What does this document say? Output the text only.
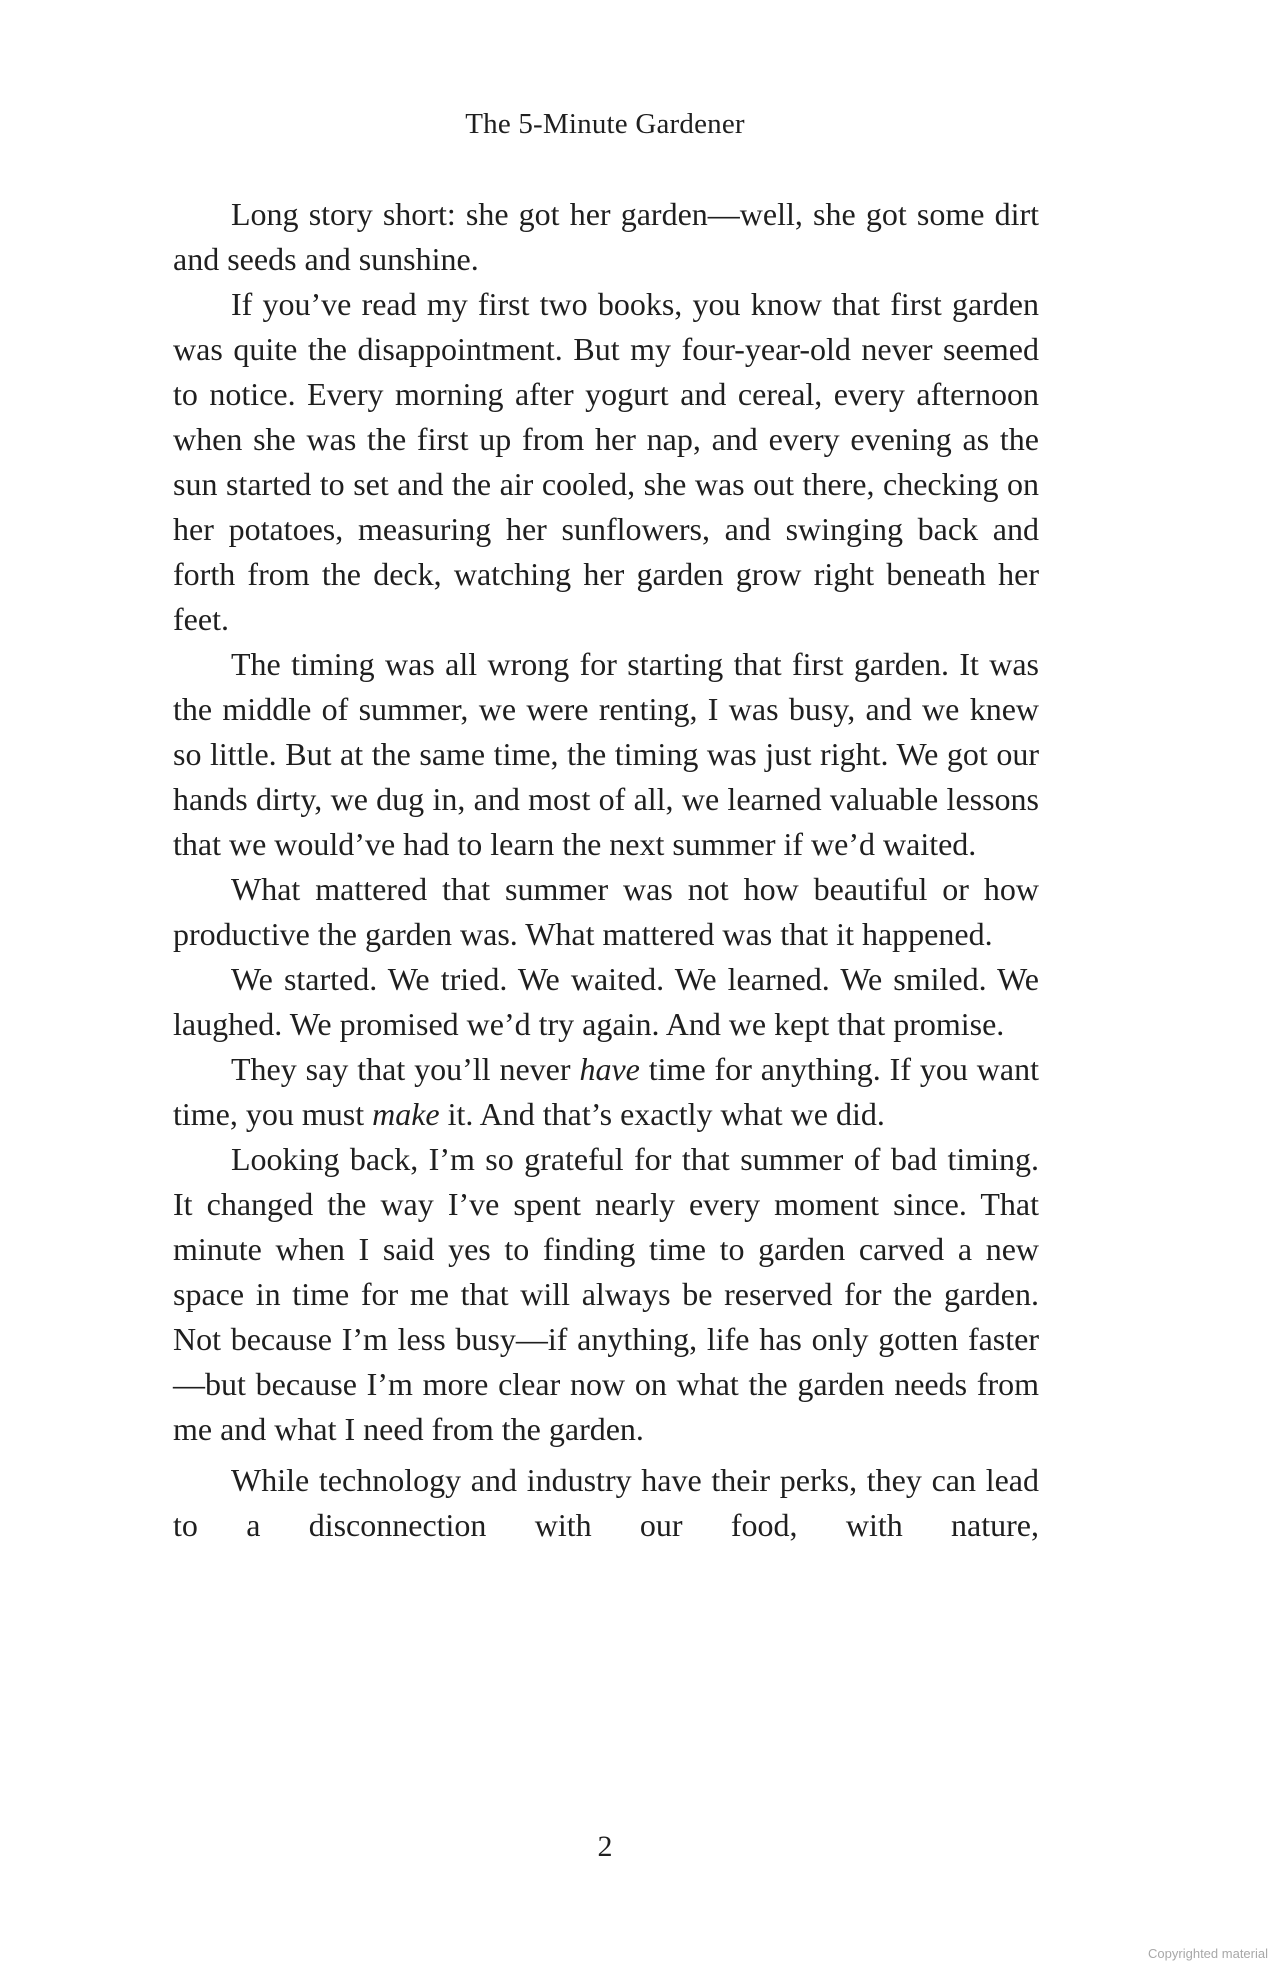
The 5-Minute Gardener

Long story short: she got her garden—well, she got some dirt and seeds and sunshine.

If you’ve read my first two books, you know that first garden was quite the disappointment. But my four-year-old never seemed to notice. Every morning after yogurt and cereal, every afternoon when she was the first up from her nap, and every evening as the sun started to set and the air cooled, she was out there, checking on her potatoes, measuring her sunflowers, and swinging back and forth from the deck, watching her garden grow right beneath her feet.

The timing was all wrong for starting that first garden. It was the middle of summer, we were renting, I was busy, and we knew so little. But at the same time, the timing was just right. We got our hands dirty, we dug in, and most of all, we learned valuable lessons that we would’ve had to learn the next summer if we’d waited.

What mattered that summer was not how beautiful or how productive the garden was. What mattered was that it happened.

We started. We tried. We waited. We learned. We smiled. We laughed. We promised we’d try again. And we kept that promise.

They say that you’ll never have time for anything. If you want time, you must make it. And that’s exactly what we did.

Looking back, I’m so grateful for that summer of bad timing. It changed the way I’ve spent nearly every moment since. That minute when I said yes to finding time to garden carved a new space in time for me that will always be reserved for the garden. Not because I’m less busy—if anything, life has only gotten faster—but because I’m more clear now on what the garden needs from me and what I need from the garden.

While technology and industry have their perks, they can lead to a disconnection with our food, with nature,

2
Copyrighted material
